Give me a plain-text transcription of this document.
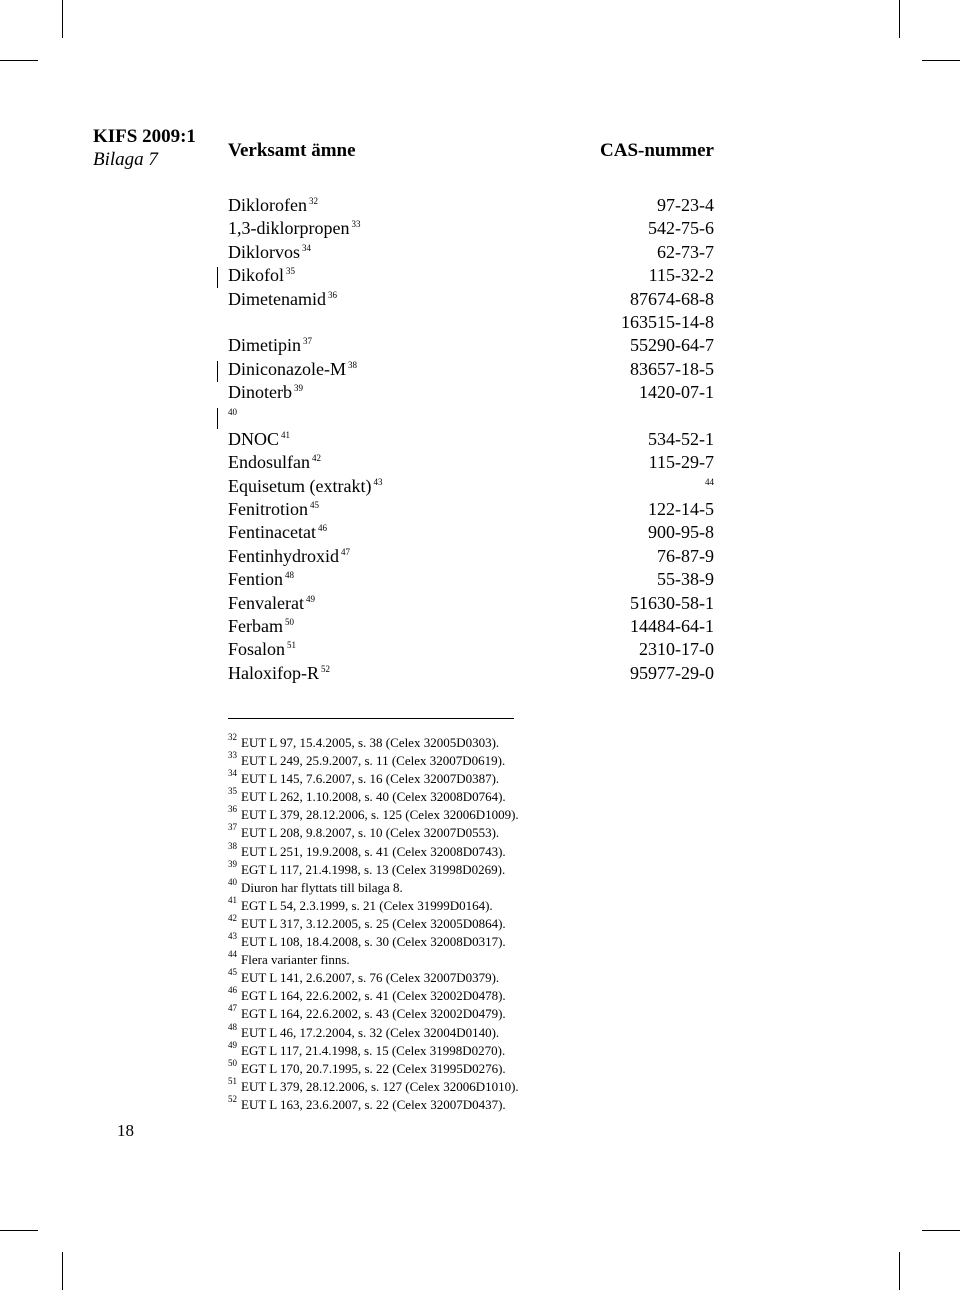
KIFS 2009:1
Bilaga 7	Verksamt ämne	CAS-nummer
Diklorofen $^{32}$	97-23-4
1,3-diklorpropen $^{33}$	542-75-6
Diklorvos $^{34}$	62-73-7
Dikofol $^{35}$	115-32-2
Dimetenamid $^{36}$	87674-68-8
163515-14-8
Dimetipin $^{37}$	55290-64-7
Diniconazole-M $^{38}$	83657-18-5
Dinoterb $^{39}$	1420-07-1
$^{40}$
DNOC $^{41}$	534-52-1
Endosulfan $^{42}$	115-29-7
Equisetum (extrakt) $^{43}$	$^{44}$
Fenitrotion $^{45}$	122-14-5
Fentinacetat $^{46}$	900-95-8
Fentinhydroxid $^{47}$	76-87-9
Fention $^{48}$	55-38-9
Fenvalerat $^{49}$	51630-58-1
Ferbam $^{50}$	14484-64-1
Fosalon $^{51}$	2310-17-0
Haloxifop-R $^{52}$	95977-29-0
$^{32}$ EUT L 97, 15.4.2005, s. 38 (Celex 32005D0303).
$^{33}$ EUT L 249, 25.9.2007, s. 11 (Celex 32007D0619).
$^{34}$ EUT L 145, 7.6.2007, s. 16 (Celex 32007D0387).
$^{35}$ EUT L 262, 1.10.2008, s. 40 (Celex 32008D0764).
$^{36}$ EUT L 379, 28.12.2006, s. 125 (Celex 32006D1009).
$^{37}$ EUT L 208, 9.8.2007, s. 10 (Celex 32007D0553).
$^{38}$ EUT L 251, 19.9.2008, s. 41 (Celex 32008D0743).
$^{39}$ EGT L 117, 21.4.1998, s. 13 (Celex 31998D0269).
$^{40}$ Diuron har flyttats till bilaga 8.
$^{41}$ EGT L 54, 2.3.1999, s. 21 (Celex 31999D0164).
$^{42}$ EUT L 317, 3.12.2005, s. 25 (Celex 32005D0864).
$^{43}$ EUT L 108, 18.4.2008, s. 30 (Celex 32008D0317).
$^{44}$ Flera varianter finns.
$^{45}$ EUT L 141, 2.6.2007, s. 76 (Celex 32007D0379).
$^{46}$ EGT L 164, 22.6.2002, s. 41 (Celex 32002D0478).
$^{47}$ EGT L 164, 22.6.2002, s. 43 (Celex 32002D0479).
$^{48}$ EUT L 46, 17.2.2004, s. 32 (Celex 32004D0140).
$^{49}$ EGT L 117, 21.4.1998, s. 15 (Celex 31998D0270).
$^{50}$ EGT L 170, 20.7.1995, s. 22 (Celex 31995D0276).
$^{51}$ EUT L 379, 28.12.2006, s. 127 (Celex 32006D1010).
$^{52}$ EUT L 163, 23.6.2007, s. 22 (Celex 32007D0437).
18
